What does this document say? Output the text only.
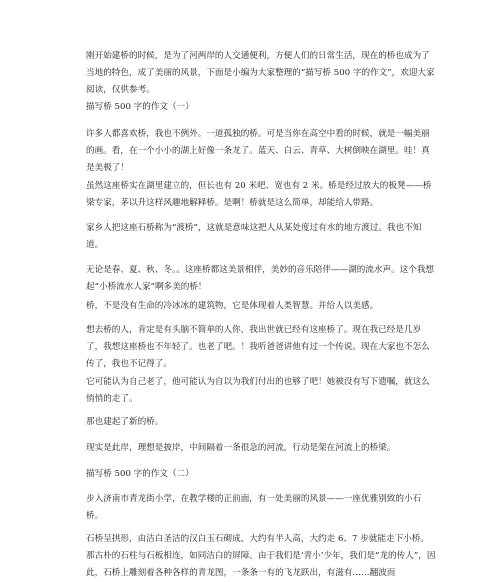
刚开始建桥的时候，是为了河两岸的人交通便利，方便人们的日常生活，现在的桥也成为了当地的特色，成了美丽的风景，下面是小编为大家整理的“描写桥 500 字的作文”，欢迎大家阅读，仅供参考。

描写桥 500 字的作文（一）

许多人都喜欢桥，我也不例外。一道孤独的桥。可是当你在高空中看的时候，就是一幅美丽的画。看，在一个小小的湖上好像一条龙了。蓝天、白云、青草、大树倒映在湖里。哇！真是美极了！

虽然这座桥实在湖里建立的，但长也有 20 米吧、宽也有 2 米。桥是经过放大的板凳——桥梁专家，茅以升这样风趣地解释桥。是啊！桥就是这么简单，却能给人带路。

家乡人把这座石桥称为“渡桥”，这就是意味这把人从某处度过有水的地方渡过。我也不知道。

无论是春、夏、秋、冬。。这座桥都这美景相伴，美妙的音乐陪伴——湖的流水声。这个我想起“小桥流水人家”啊多美的桥！

桥，不是没有生命的冷冰冰的建筑物，它是体现着人类智慧。并给人以美感。

想去桥的人，肯定是有头脑不简单的人你，我出世就已经有这座桥了。现在我已经是几岁了，我想这座桥也不年轻了。也老了吧。！我听爸爸讲他有过一个传说。现在大家也不怎么传了，我也不记得了。

它可能认为自己老了，他可能认为自以为我们付出的也够了吧！她被没有写下遗嘱，就这么悄悄的走了。

那也建起了新的桥。

现实是此岸，理想是披岸，中间隔着一条很急的河流，行动是架在河流上的桥梁。

描写桥 500 字的作文（二）

步入济南市青龙街小学，在教学楼的正前面，有一处美丽的风景——一座优雅别致的小石桥。

石桥呈拱形，由洁白圣洁的汉白玉石砌成，大约有半人高，大约走 6、7 步就能走下小桥。那古朴的石柱与石板相连，如同洁白的屏障。由于我们是‘青小’少年，我们是“龙的传人”，因此，石桥上雕刻着各种各样的青龙图，一条条一有的飞龙跃出，有滋有……翻波而
